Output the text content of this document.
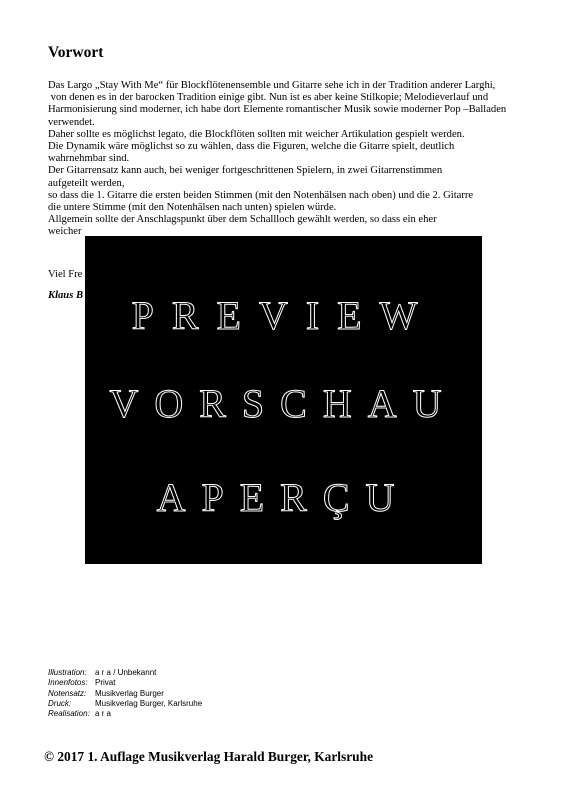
Vorwort

Das Largo „Stay With Me“ für Blockflötenensemble und Gitarre sehe ich in der Tradition anderer Larghi,

von denen es in der barocken Tradition einige gibt. Nun ist es aber keine Stilkopie; Melodieverlauf und

Harmonisierung sind moderner, ich habe dort Elemente romantischer Musik sowie moderner Pop –Balladen

verwendet.

Daher sollte es möglichst legato, die Blockflöten sollten mit weicher Artikulation gespielt werden.

Die Dynamik wäre möglichst so zu wählen, dass die Figuren, welche die Gitarre spielt, deutlich

wahrnehmbar sind.

Der Gitarrensatz kann auch, bei weniger fortgeschrittenen Spielern, in zwei Gitarrenstimmen

aufgeteilt werden,

so dass die 1. Gitarre die ersten beiden Stimmen (mit den Notenhälsen nach oben) und die 2. Gitarre

die untere Stimme (mit den Notenhälsen nach unten) spielen würde.

Allgemein sollte der Anschlagspunkt über dem Schallloch gewählt werden, so dass ein eher

weicher

Viel Fre
Klaus B	PREVIEW
VORSCHAU
APERÇU
Illustration:	a r a / Unbekannt
Innenfotos: Privat
Notensatz:	Musikverlag Burger
Druck:	Musikverlag Burger, Karlsruhe
Realisation: a r a
© 2017 1. Auflage Musikverlag Harald Burger, Karlsruhe
